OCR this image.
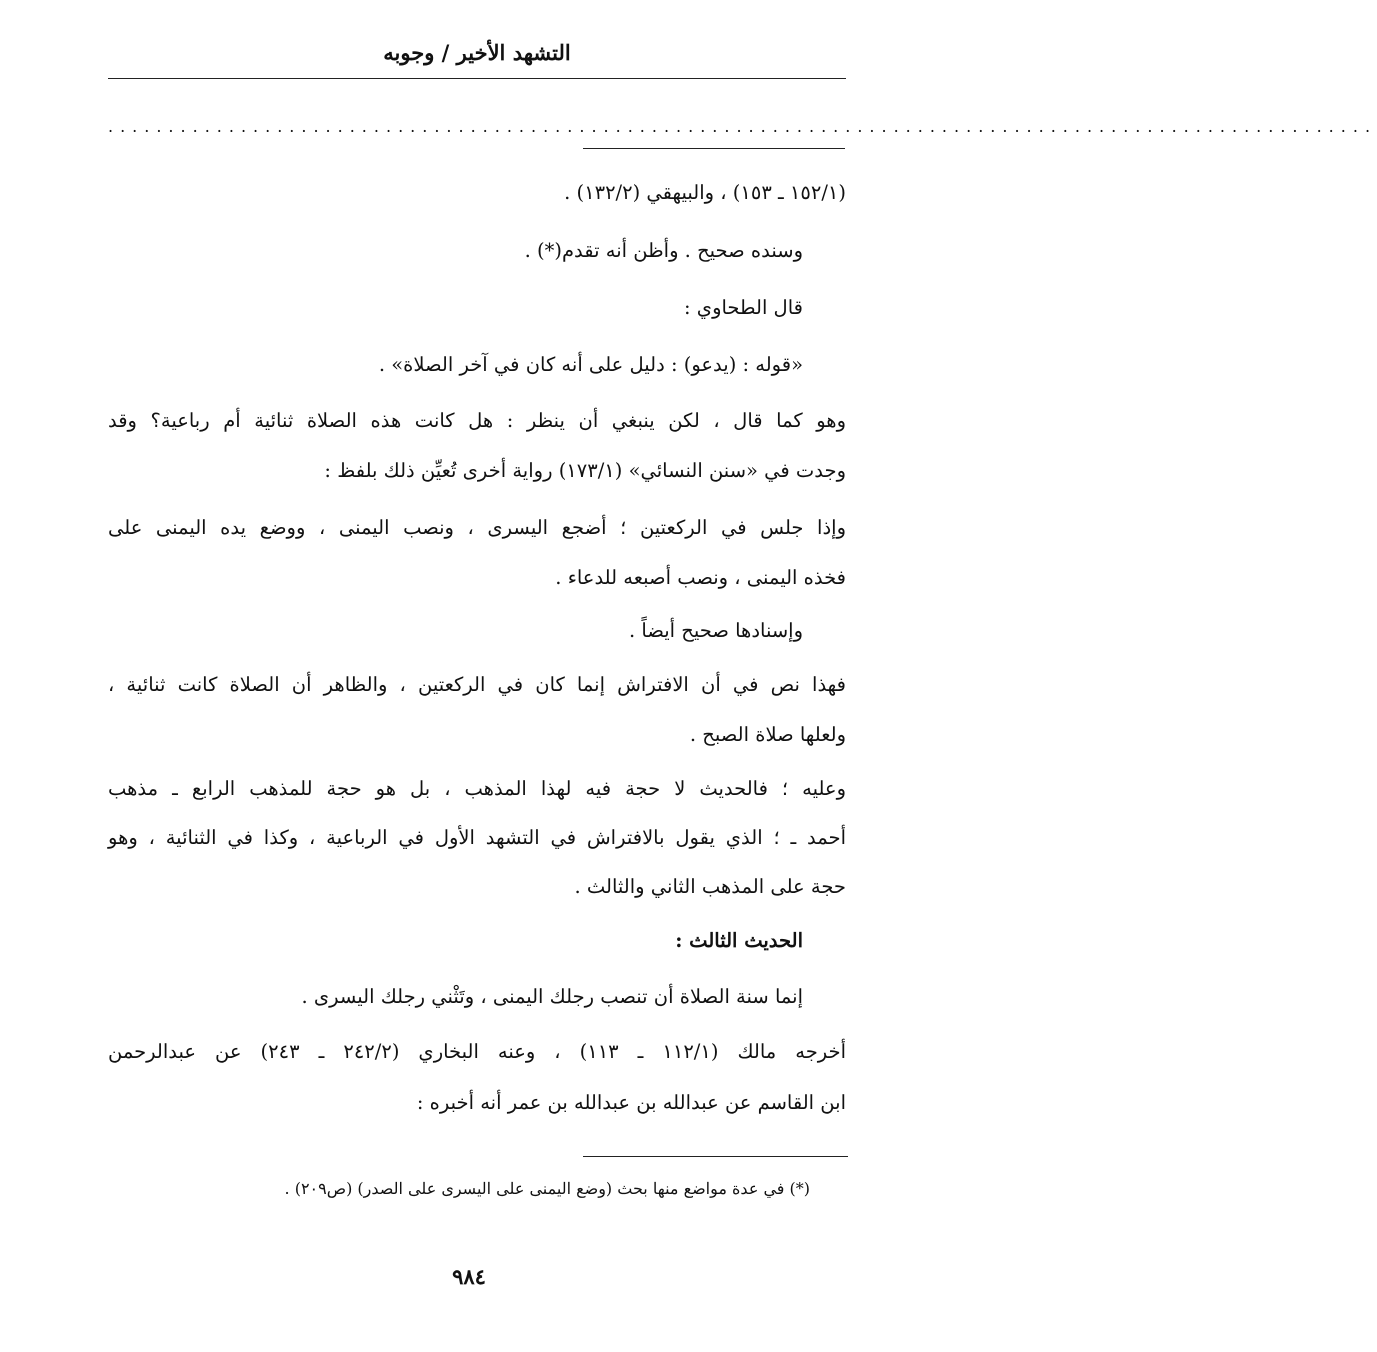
التشهد الأخير / وجوبه
.........................................................................................................
(١٥٢/١ ـ ١٥٣) ، والبيهقي (١٣٢/٢) .
وسنده صحيح . وأظن أنه تقدم(*) .
قال الطحاوي :
«قوله : (يدعو) : دليل على أنه كان في آخر الصلاة» .
وهو كما قال ، لكن ينبغي أن ينظر : هل كانت هذه الصلاة ثنائية أم رباعية؟ وقد
وجدت في «سنن النسائي» (١٧٣/١) رواية أخرى تُعيِّن ذلك بلفظ :
وإذا جلس في الركعتين ؛ أضجع اليسرى ، ونصب اليمنى ، ووضع يده اليمنى على
فخذه اليمنى ، ونصب أصبعه للدعاء .
وإسنادها صحيح أيضاً .
فهذا نص في أن الافتراش إنما كان في الركعتين ، والظاهر أن الصلاة كانت ثنائية ،
ولعلها صلاة الصبح .
وعليه ؛ فالحديث لا حجة فيه لهذا المذهب ، بل هو حجة للمذهب الرابع ـ مذهب
أحمد ـ ؛ الذي يقول بالافتراش في التشهد الأول في الرباعية ، وكذا في الثنائية ، وهو
حجة على المذهب الثاني والثالث .
الحديث الثالث :
إنما سنة الصلاة أن تنصب رجلك اليمنى ، وتَثْني رجلك اليسرى .
أخرجه مالك (١١٢/١ ـ ١١٣) ، وعنه البخاري (٢٤٢/٢ ـ ٢٤٣) عن عبدالرحمن
ابن القاسم عن عبدالله بن عبدالله بن عمر أنه أخبره :
(*) في عدة مواضع منها بحث (وضع اليمنى على اليسرى على الصدر) (ص٢٠٩) .
٩٨٤
